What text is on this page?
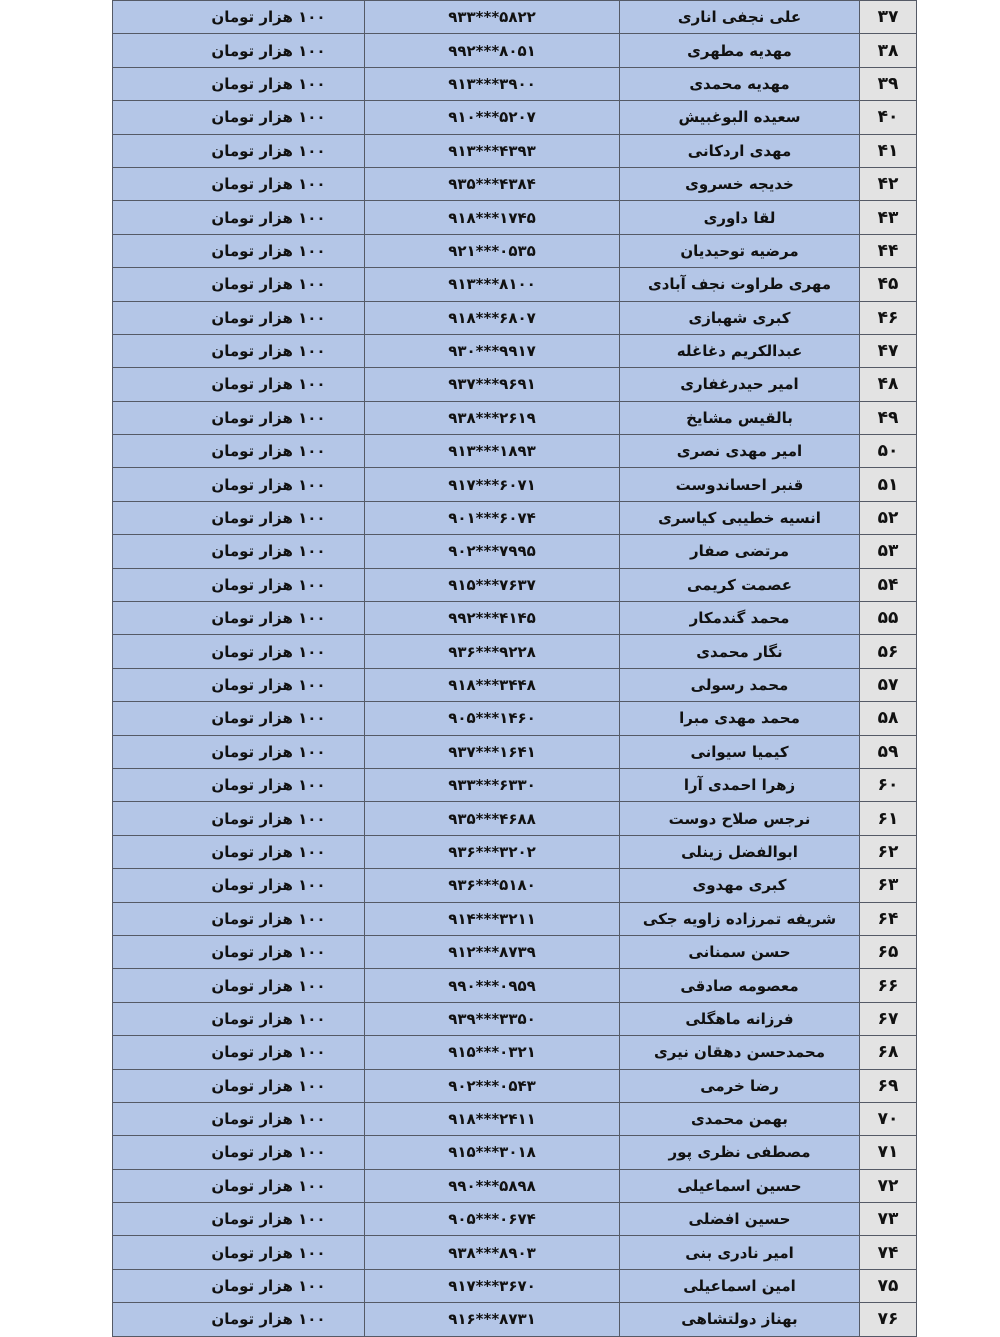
۳۷	علی نجفی اناری	۹۳۳***۵۸۲۲	۱۰۰ هزار تومان
۳۸	مهدیه مطهری	۹۹۲***۸۰۵۱	۱۰۰ هزار تومان
۳۹	مهدیه محمدی	۹۱۳***۳۹۰۰	۱۰۰ هزار تومان
۴۰	سعیده البوغبیش	۹۱۰***۵۲۰۷	۱۰۰ هزار تومان
۴۱	مهدی اردکانی	۹۱۳***۴۳۹۳	۱۰۰ هزار تومان
۴۲	خدیجه خسروی	۹۳۵***۴۳۸۴	۱۰۰ هزار تومان
۴۳	لقا داوری	۹۱۸***۱۷۴۵	۱۰۰ هزار تومان
۴۴	مرضیه توحیدیان	۹۲۱***۰۵۳۵	۱۰۰ هزار تومان
۴۵	مهری طراوت نجف آبادی	۹۱۳***۸۱۰۰	۱۰۰ هزار تومان
۴۶	کبری شهبازی	۹۱۸***۶۸۰۷	۱۰۰ هزار تومان
۴۷	عبدالکریم دغاغله	۹۳۰***۹۹۱۷	۱۰۰ هزار تومان
۴۸	امیر حیدرغفاری	۹۳۷***۹۶۹۱	۱۰۰ هزار تومان
۴۹	بالقیس مشایخ	۹۳۸***۲۶۱۹	۱۰۰ هزار تومان
۵۰	امیر مهدی نصری	۹۱۳***۱۸۹۳	۱۰۰ هزار تومان
۵۱	قنبر احساندوست	۹۱۷***۶۰۷۱	۱۰۰ هزار تومان
۵۲	انسیه خطیبی کیاسری	۹۰۱***۶۰۷۴	۱۰۰ هزار تومان
۵۳	مرتضی صفار	۹۰۲***۷۹۹۵	۱۰۰ هزار تومان
۵۴	عصمت کریمی	۹۱۵***۷۶۳۷	۱۰۰ هزار تومان
۵۵	محمد گندمکار	۹۹۲***۴۱۴۵	۱۰۰ هزار تومان
۵۶	نگار محمدی	۹۳۶***۹۲۲۸	۱۰۰ هزار تومان
۵۷	محمد رسولی	۹۱۸***۳۴۴۸	۱۰۰ هزار تومان
۵۸	محمد مهدی مبرا	۹۰۵***۱۴۶۰	۱۰۰ هزار تومان
۵۹	کیمیا سیوانی	۹۳۷***۱۶۴۱	۱۰۰ هزار تومان
۶۰	زهرا احمدی آرا	۹۳۳***۶۳۳۰	۱۰۰ هزار تومان
۶۱	نرجس صلاح دوست	۹۳۵***۴۶۸۸	۱۰۰ هزار تومان
۶۲	ابوالفضل زینلی	۹۳۶***۳۲۰۲	۱۰۰ هزار تومان
۶۳	کبری مهدوی	۹۳۶***۵۱۸۰	۱۰۰ هزار تومان
۶۴	شریفه تمرزاده زاویه جکی	۹۱۴***۳۲۱۱	۱۰۰ هزار تومان
۶۵	حسن سمنانی	۹۱۲***۸۷۳۹	۱۰۰ هزار تومان
۶۶	معصومه صادقی	۹۹۰***۰۹۵۹	۱۰۰ هزار تومان
۶۷	فرزانه ماهگلی	۹۳۹***۳۳۵۰	۱۰۰ هزار تومان
۶۸	محمدحسن دهقان نیری	۹۱۵***۰۳۲۱	۱۰۰ هزار تومان
۶۹	رضا خرمی	۹۰۲***۰۵۴۳	۱۰۰ هزار تومان
۷۰	بهمن محمدی	۹۱۸***۲۴۱۱	۱۰۰ هزار تومان
۷۱	مصطفی نظری پور	۹۱۵***۳۰۱۸	۱۰۰ هزار تومان
۷۲	حسین اسماعیلی	۹۹۰***۵۸۹۸	۱۰۰ هزار تومان
۷۳	حسین افضلی	۹۰۵***۰۶۷۴	۱۰۰ هزار تومان
۷۴	امیر نادری بنی	۹۳۸***۸۹۰۳	۱۰۰ هزار تومان
۷۵	امین اسماعیلی	۹۱۷***۳۶۷۰	۱۰۰ هزار تومان
۷۶	بهناز دولتشاهی	۹۱۶***۸۷۳۱	۱۰۰ هزار تومان
